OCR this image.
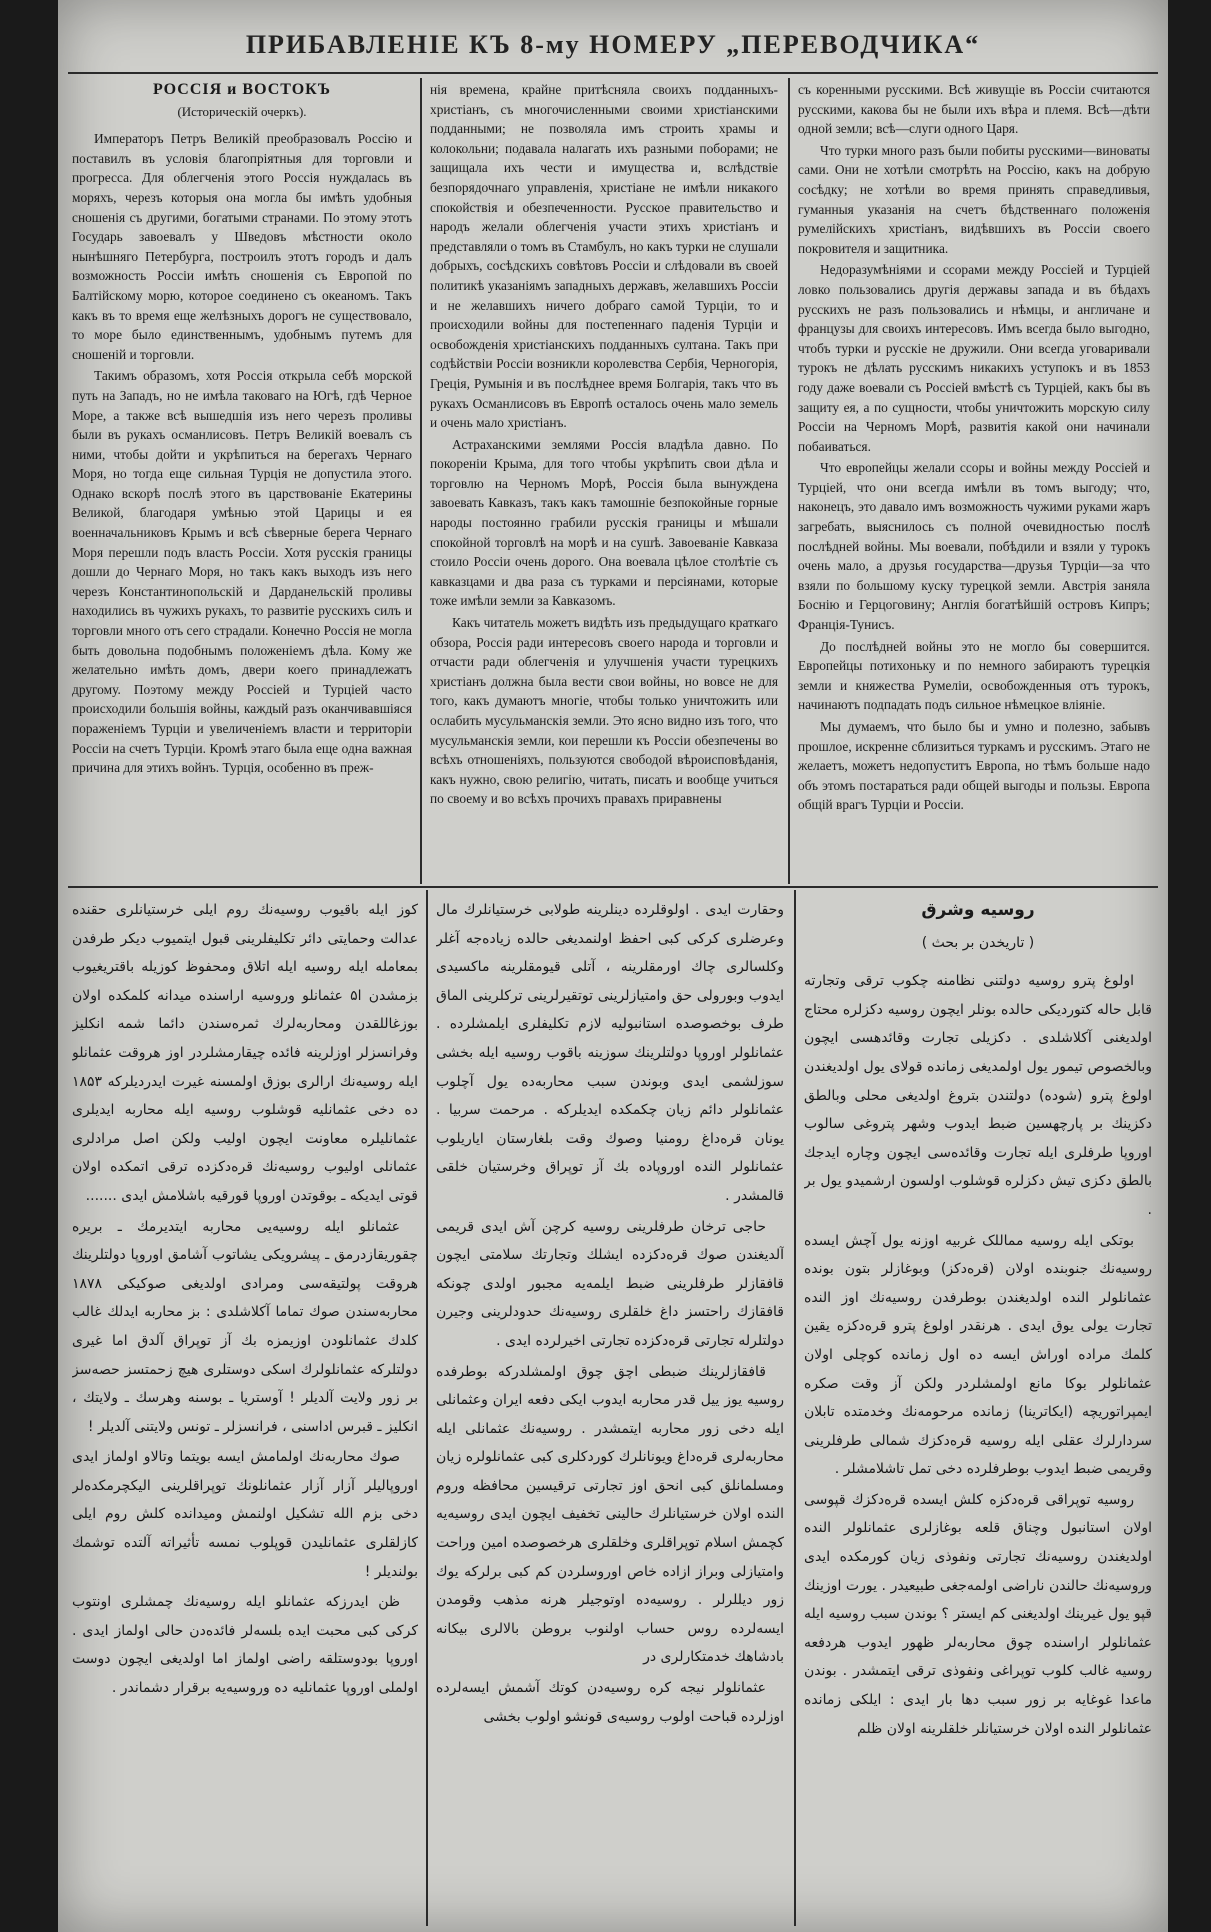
ПРИБАВЛЕНІЕ КЪ 8-му НОМЕРУ „ПЕРЕВОДЧИКА“
РОССІЯ и ВОСТОКЪ
(Историческій очеркъ).

Императоръ Петръ Великій преобразовалъ Россію и поставилъ въ условія благопріятныя для торговли и прогресса. Для облегченія этого Россія нуждалась въ моряхъ, черезъ которыя она могла бы имѣть удобныя сношенія съ другими, богатыми странами. По этому этотъ Государь завоевалъ у Шведовъ мѣстности около нынѣшняго Петербурга, построилъ этотъ городъ и далъ возможность Россіи имѣть сношенія съ Европой по Балтійскому морю, которое соединено съ океаномъ. Такъ какъ въ то время еще желѣзныхъ дорогъ не существовало, то море было единственнымъ, удобнымъ путемъ для сношеній и торговли.

Такимъ образомъ, хотя Россія открыла себѣ морской путь на Западъ, но не имѣла таковаго на Югѣ, гдѣ Черное Море, а также всѣ вышедшія изъ него черезъ проливы были въ рукахъ османлисовъ. Петръ Великій воевалъ съ ними, чтобы дойти и укрѣпиться на берегахъ Чернаго Моря, но тогда еще сильная Турція не допустила этого. Однако вскорѣ послѣ этого въ царствованіе Екатерины Великой, благодаря умѣнью этой Царицы и ея военначальниковъ Крымъ и всѣ сѣверные берега Чернаго Моря перешли подъ власть Россіи. Хотя русскія границы дошли до Чернаго Моря, но такъ какъ выходъ изъ него черезъ Константинопольскій и Дарданельскій проливы находились въ чужихъ рукахъ, то развитіе русскихъ силъ и торговли много отъ сего страдали. Конечно Россія не могла быть довольна подобнымъ положеніемъ дѣла. Кому же желательно имѣть домъ, двери коего принадлежатъ другому. Поэтому между Россіей и Турціей часто происходили большія войны, каждый разъ оканчивавшіяся пораженіемъ Турціи и увеличеніемъ власти и территоріи Россіи на счетъ Турціи. Кромѣ этаго была еще одна важная причина для этихъ войнъ. Турція, особенно въ преж-

нія времена, крайне притѣсняла своихъ подданныхъ-христіанъ, съ многочисленными своими христіанскими подданными; не позволяла имъ строить храмы и колокольни; подавала налагать ихъ разными поборами; не защищала ихъ чести и имущества и, вслѣдствіе безпорядочнаго управленія, христіане не имѣли никакого спокойствія и обезпеченности. Русское правительство и народъ желали облегченія участи этихъ христіанъ и представляли о томъ въ Стамбулъ, но какъ турки не слушали добрыхъ, сосѣдскихъ совѣтовъ Россіи и слѣдовали въ своей политикѣ указаніямъ западныхъ державъ, желавшихъ Россіи и не желавшихъ ничего добраго самой Турціи, то и происходили войны для постепеннаго паденія Турціи и освобожденія христіанскихъ подданныхъ султана. Такъ при содѣйствіи Россіи возникли королевства Сербія, Черногорія, Греція, Румынія и въ послѣднее время Болгарія, такъ что въ рукахъ Османлисовъ въ Европѣ осталось очень мало земель и очень мало христіанъ.

Астраханскими землями Россія владѣла давно. По покореніи Крыма, для того чтобы укрѣпить свои дѣла и торговлю на Черномъ Морѣ, Россія была вынуждена завоевать Кавказъ, такъ какъ тамошніе безпокойные горные народы постоянно грабили русскія границы и мѣшали спокойной торговлѣ на морѣ и на сушѣ. Завоеваніе Кавказа стоило Россіи очень дорого. Она воевала цѣлое столѣтіе съ кавказцами и два раза съ турками и персіянами, которые тоже имѣли земли за Кавказомъ.

Какъ читатель можетъ видѣть изъ предыдущаго краткаго обзора, Россія ради интересовъ своего народа и торговли и отчасти ради облегченія и улучшенія участи турецкихъ христіанъ должна была вести свои войны, но вовсе не для того, какъ думаютъ многіе, чтобы только уничтожить или ослабить мусульманскія земли. Это ясно видно изъ того, что мусульманскія земли, кои перешли къ Россіи обезпечены во всѣхъ отношеніяхъ, пользуются свободой вѣроисповѣданія, какъ нужно, свою религію, читать, писать и вообще учиться по своему и во всѣхъ прочихъ правахъ приравнены

съ коренными русскими. Всѣ живущіе въ Россіи считаются русскими, какова бы не были ихъ вѣра и племя. Всѣ—дѣти одной земли; всѣ—слуги одного Царя.

Что турки много разъ были побиты русскими—виноваты сами. Они не хотѣли смотрѣть на Россію, какъ на добрую сосѣдку; не хотѣли во время принять справедливыя, гуманныя указанія на счетъ бѣдственнаго положенія румелійскихъ христіанъ, видѣвшихъ въ Россіи своего покровителя и защитника.

Недоразумѣніями и ссорами между Россіей и Турціей ловко пользовались другія державы запада и въ бѣдахъ русскихъ не разъ пользовались и нѣмцы, и англичане и французы для своихъ интересовъ. Имъ всегда было выгодно, чтобъ турки и русскіе не дружили. Они всегда уговаривали турокъ не дѣлать русскимъ никакихъ уступокъ и въ 1853 году даже воевали съ Россіей вмѣстѣ съ Турціей, какъ бы въ защиту ея, а по сущности, чтобы уничтожить морскую силу Россіи на Черномъ Морѣ, развитія какой они начинали побаиваться.

Что европейцы желали ссоры и войны между Россіей и Турціей, что они всегда имѣли въ томъ выгоду; что, наконецъ, это давало имъ возможность чужими руками жаръ загребать, выяснилось съ полной очевидностью послѣ послѣдней войны. Мы воевали, побѣдили и взяли у турокъ очень мало, а друзья государства—друзья Турціи—за что взяли по большому куску турецкой земли. Австрія заняла Боснію и Герцоговину; Англія богатѣйшій островъ Кипръ; Франція-Тунисъ.

До послѣдней войны это не могло бы совершится. Европейцы потихоньку и по немного забираютъ турецкія земли и княжества Румеліи, освобожденныя отъ турокъ, начинаютъ подпадать подъ сильное нѣмецкое вліяніе.

Мы думаемъ, что было бы и умно и полезно, забывъ прошлое, искренне сблизиться туркамъ и русскимъ. Этаго не желаетъ, можетъ недопуститъ Европа, но тѣмъ больше надо объ этомъ постараться ради общей выгоды и пользы. Европа общій врагъ Турціи и Россіи.

روسیه وشرق
( تاریخدن بر بحث )

اولوغ پترو روسیه دولتنی نظامنه چکوب ترقی وتجارته قابل حاله کتوردیکی حالده بونلر ایچون روسیه دکزلره محتاج اولدیغنی آکلاشلدی . دکزیلی تجارت وقائدهسی ایچون وبالخصوص تیمور یول اولمدیغی زمانده قولای یول اولدیغندن اولوغ پترو (شوده) دولتندن بتروغ اولدیغی محلی وبالطق دکزینك بر پارچهسین ضبط ایدوب وشهر پتروغی سالوب اوروپا طرفلری ایله تجارت وقائده‌سی ایچون وچاره ایدجك بالطق دکزی تیش دکزلره قوشلوب اولسون ارشمیدو یول بر .

بوتكی ایله روسیه مماللک غربیه اوزنه یول آچش ایسده روسیه‌نك جنوبنده اولان (قره‌دکز) وبوغازلر بتون بونده عثمانلولر النده اولدیغندن بوطرفدن روسیه‌نك اوز النده تجارت یولی یوق ایدی . هرنقدر اولوغ پترو قره‌دکزه یقین کلمك مراده اوراش ایسه ده اول زمانده کوچلی اولان عثمانلولر بوکا مانع اولمشلردر ولکن آز وقت صکره ایمپراتوریچه (ایکاترینا) زمانده مرحومه‌نك وخدمتده تابلان سردارلرك عقلی ایله روسیه قره‌دکزك شمالی طرفلرینی وقریمی ضبط ایدوب بوطرفلرده دخی تمل تاشلامشلر .

روسیه توپراقی قره‌دکزه کلش ایسده قره‌دکزك قپوسی اولان استانبول وچناق قلعه بوغازلری عثمانلولر النده اولدیغندن روسیه‌نك تجارتی ونفوذی زیان کورمکده ایدی وروسیه‌نك حالندن ناراضی اولمه‌جغی طبیعیدر . یورت اوزینك قپو یول غیرینك اولدیغنی کم ایستر ؟ بوندن سبب روسیه ایله عثمانلولر اراسنده چوق محاربه‌لر ظهور ایدوب هردفعه روسیه غالب کلوب توپراغی ونفوذی ترقی ایتمشدر . بوندن ماعدا غوغایه بر زور سبب دها بار ایدی : ایلکی زمانده عثمانلولر النده اولان خرستیانلر خلقلرینه اولان ظلم

وحقارت ایدی . اولوقلرده دینلرینه طولابی خرستیانلرك مال وعرضلری کرکی کبی احفظ اولنمدیغی حالده زیاده‌جه آغلر وکلسالری چاك اورمقلرینه ، آتلی قیومقلرینه ماکسیدی ایدوب وبورولی حق وامتیازلرینی توتقیرلرینی ترکلرینی الماق طرف بوخصوصده استانبولیه لازم تکلیفلری ایلمشلرده . عثمانلولر اوروپا دولتلرینك سوزینه باقوب روسیه ایله بخشی سوزلشمی ایدی وبوندن سبب محاربه‌ده یول آچلوب عثمانلولر دائم زیان چکمکده ایدیلرکه . مرحمت سربیا . یونان قره‌داغ رومنیا وصوك وقت بلغارستان ایاریلوب عثمانلولر النده اوروپاده بك آز توپراق وخرستیان خلقی قالمشدر .

حاجی ترخان طرفلرینی روسیه کرچن آش ایدی قریمی آلدیغندن صوك قره‌دکزده ایشلك وتجارتك سلامتی ایچون قافقازلر طرفلرینی ضبط ایلمه‌یه مجبور اولدی چونکه قافقازك راحتسز داغ خلقلری روسیه‌نك حدودلرینی وجیرن دولتلرله تجارتی قره‌دکزده تجارتی اخیرلرده ایدی .

قافقازلرینك ضبطی اچق چوق اولمشلدرکه بوطرفده روسیه یوز ییل قدر محاربه ایدوب ایکی دفعه ایران وعثمانلی ایله دخی زور محاربه ایتمشدر . روسیه‌نك عثمانلی ایله محاربه‌لری قره‌داغ ویونانلرك کوردکلری کبی عثمانلولره زیان ومسلمانلق کبی انحق اوز تجارتی ترقیسین محافظه وروم النده اولان خرستیانلرك حالینی تخفیف ایچون ایدی روسیه‌یه کچمش اسلام توپراقلری وخلقلری هرخصوصده امین وراحت وامتیازلی وبراز ازاده خاص اوروسلردن کم کبی برلرکه یوك زور دیللرلر . روسیه‌ده اوتوجیلر هرنه مذهب وقومدن ایسه‌لرده روس حساب اولنوب بروطن بالالری بیکانه بادشاهك خدمتکارلری در

عثمانلولر نیجه کره روسیه‌دن کوتك آشمش ایسه‌لرده اوزلرده قباحت اولوب روسیه‌ی قونشو اولوب بخشی

کوز ایله باقیوب روسیه‌نك روم ایلی خرستیانلری حقنده عدالت وحمایتی دائر تکلیفلرینی قبول ایتمیوب دیکر طرفدن بمعامله ایله روسیه ایله اتلاق ومحفوظ کوزیله باقتریغیوب بزمشدن ا۵ عثمانلو وروسیه اراسنده میدانه کلمکده اولان بوزغاللقدن ومحاربه‌لرك ثمره‌سندن دائما شمه انکلیز وفرانسزلر اوزلرینه فائده چیقارمشلردر اوز هروقت عثمانلو ایله روسیه‌نك ارالری بوزق اولمسنه غیرت ایدردیلرکه ۱۸۵۳ ده دخی عثمانلیه قوشلوب روسیه ایله محاربه ایدیلری عثمانلیلره معاونت ایچون اولیب ولکن اصل مرادلری عثمانلی اولیوب روسیه‌نك قره‌دکزده ترقی اتمکده اولان قوتی ایدیکه ـ بوقوتدن اوروپا قورقیه باشلامش ایدی .......

عثمانلو ایله روسیه‌یی محاربه ایتدیرمك ـ بریره چقوریقازدرمق ـ پیشرویکی یشاتوب آشامق اوروپا دولتلرینك هروقت پولتیقه‌سی ومرادی اولدیغی صوکیکی ۱۸۷۸ محاربه‌سندن صوك تماما آکلاشلدی : بز محاربه ایدلك غالب کلدك عثمانلودن اوزیمزه بك آز توپراق آلدق اما غیری دولتلرکه عثمانلولرك اسکی دوستلری هیچ زحمتسز حصه‌سز بر زور ولایت آلدیلر ! آوستریا ـ بوسنه وهرسك ـ ولایتك ، انکلیز ـ قبرس اداسنی ، فرانسزلر ـ تونس ولایتنی آلدیلر !

صوك محاربه‌نك اولمامش ایسه بویتما وتالاو اولماز ایدی اوروپالیلر آزار آزار عثمانلونك توپراقلرینی الیکچرمکده‌لر دخی بزم الله تشکیل اولنمش ومیدانده کلش روم ایلی کازلقلری عثمانلیدن قوپلوب نمسه تأثیراته آلتده توشمك بولندیلر !

ظن ایدرزکه عثمانلو ایله روسیه‌نك چمشلری اونتوب کرکی کبی محبت ایده بلسه‌لر فائده‌دن حالی اولماز ایدی . اوروپا بودوستلقه راضی اولماز اما اولدیغی ایچون دوست اولملی اوروپا عثمانلیه ده وروسیه‌یه برقرار دشماندر .
